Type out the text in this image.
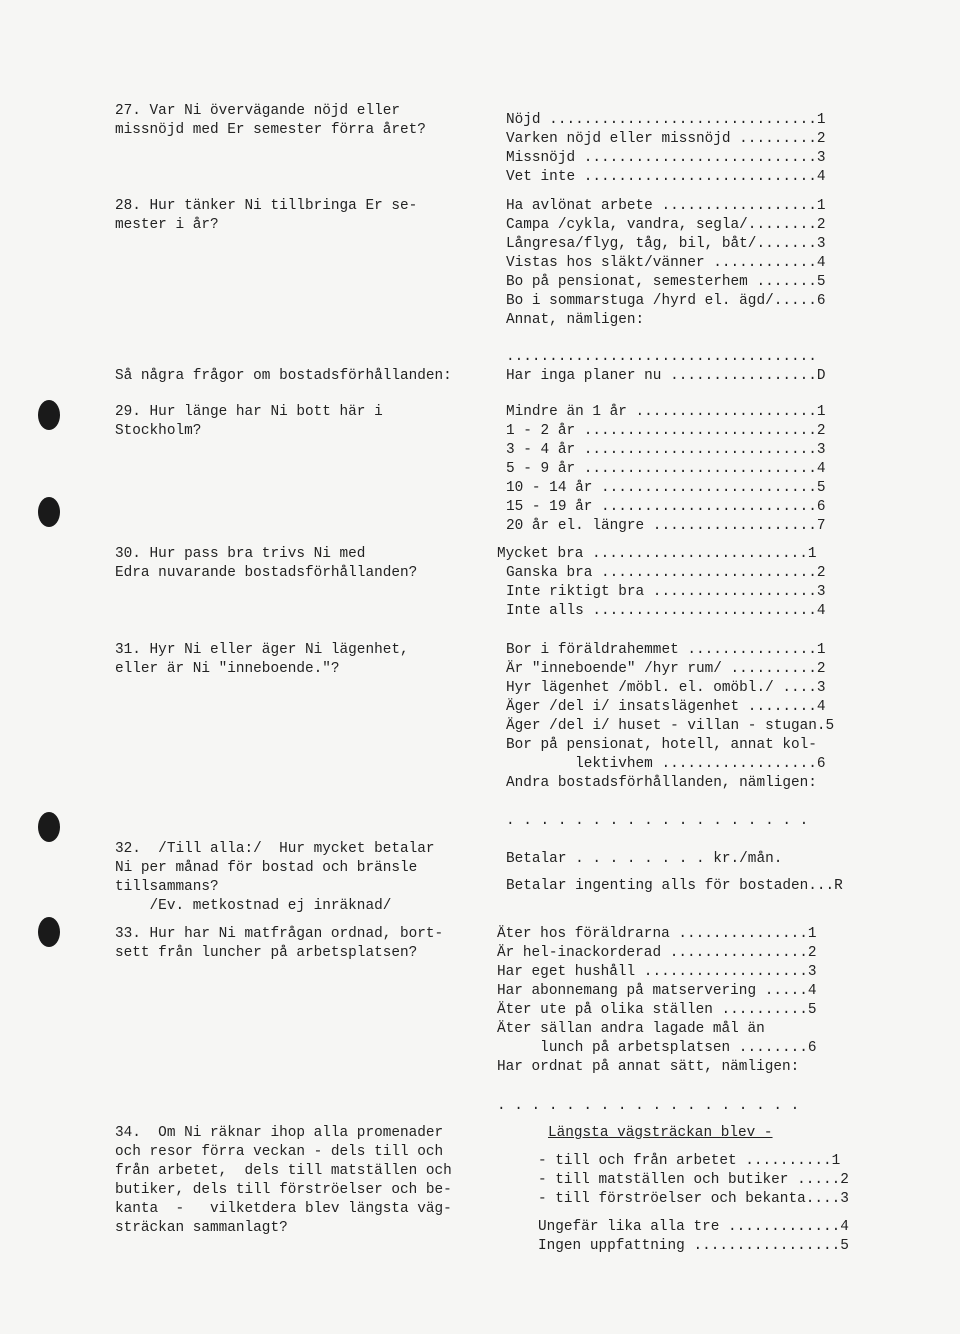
27. Var Ni övervägande nöjd eller
missnöjd med Er semester förra året?
Nöjd ...............................1
Varken nöjd eller missnöjd .........2
Missnöjd ...........................3
Vet inte ...........................4
28. Hur tänker Ni tillbringa Er se-
mester i år?
Ha avlönat arbete ..................1
Campa /cykla, vandra, segla/........2
Långresa/flyg, tåg, bil, båt/.......3
Vistas hos släkt/vänner ............4
Bo på pensionat, semesterhem .......5
Bo i sommarstuga /hyrd el. ägd/.....6
Annat, nämligen:
....................................
Har inga planer nu .................D
Så några frågor om bostadsförhållanden:
29. Hur länge har Ni bott här i
Stockholm?
Mindre än 1 år .....................1
1 - 2 år ...........................2
3 - 4 år ...........................3
5 - 9 år ...........................4
10 - 14 år .........................5
15 - 19 år .........................6
20 år el. längre ...................7
30. Hur pass bra trivs Ni med
Edra nuvarande bostadsförhållanden?
Mycket bra .........................1
Ganska bra .........................2
Inte riktigt bra ...................3
Inte alls ..........................4
31. Hyr Ni eller äger Ni lägenhet,
eller är Ni "inneboende."?
Bor i föräldrahemmet ...............1
Är "inneboende" /hyr rum/ ..........2
Hyr lägenhet /möbl. el. omöbl./ ....3
Äger /del i/ insatslägenhet ........4
Äger /del i/ huset - villan - stugan.5
Bor på pensionat, hotell, annat kol-
lektivhem ..................6
Andra bostadsförhållanden, nämligen:
. . . . . . . . . . . . . . . . . .
32.  /Till alla:/  Hur mycket betalar
Ni per månad för bostad och bränsle
tillsammans?
/Ev. metkostnad ej inräknad/
Betalar . . . . . . . . kr./mån.
Betalar ingenting alls för bostaden...R
33. Hur har Ni matfrågan ordnad, bort-
sett från luncher på arbetsplatsen?
Äter hos föräldrarna ...............1
Är hel-inackorderad ................2
Har eget hushåll ...................3
Har abonnemang på matservering .....4
Äter ute på olika ställen ..........5
Äter sällan andra lagade mål än
lunch på arbetsplatsen ........6
Har ordnat på annat sätt, nämligen:
. . . . . . . . . . . . . . . . . .
34.  Om Ni räknar ihop alla promenader
och resor förra veckan - dels till och
från arbetet,  dels till matställen och
butiker, dels till förströelser och be-
kanta  -   vilketdera blev längsta väg-
sträckan sammanlagt?
Längsta vägsträckan blev -
- till och från arbetet ..........1
- till matställen och butiker .....2
- till förströelser och bekanta....3
Ungefär lika alla tre .............4
Ingen uppfattning .................5
